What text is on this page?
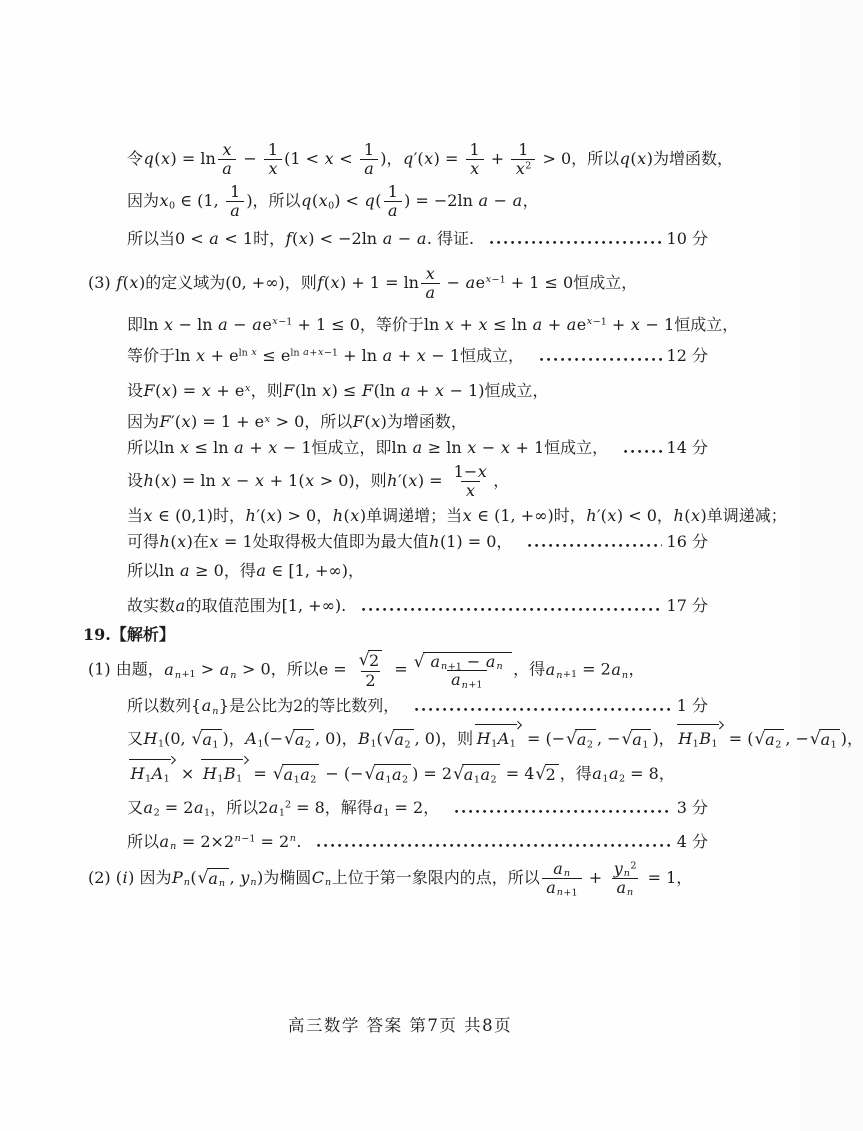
令$q(x) = \ln \frac{x}{a} - \frac{1}{x} (1 < x < \frac{1}{a}$ )，$q'(x) = \frac{1}{x} + \frac{1}{x^2} > 0$，所以q(x)为增函数，
因为$x_0$ ∈ (1, $\frac{1}{a}$ )，所以$q(x_0) < q( \frac{1}{a}$ ) = −2ln a − a，
所以当0 < a < 1时，f(x) < −2ln a − a. 得证.	10 分
(3) f(x)的定义域为(0, +∞)，则$f(x) + 1 = \ln \frac{x}{a} - ae^{x-1} + 1 \le 0$恒成立，
即$\ln x - \ln a - ae^{x-1} + 1 \le 0$，等价于$\ln x + x \le \ln a + ae^{x-1} + x - 1$恒成立，
等价于$\ln x + e^{ln x} \le e^{ln a+x-1} + \ln a + x - 1$恒成立，	12 分
设$F(x) = x + e^x$，则F(ln x) ≤ F(ln a + x − 1)恒成立，
因为$F'(x) = 1 + e^x > 0$，所以F(x)为增函数，
所以ln x ≤ ln a + x − 1恒成立，即ln a ≥ ln x − x + 1恒成立，	14 分
设h(x) = ln x − x + 1(x > 0)，则$h'(x) = \frac{1-x}{x}$ ，
当x ∈ (0,1)时，h′(x) > 0，h(x)单调递增；当x ∈ (1, +∞)时，h′(x) < 0，h(x)单调递减；
可得h(x)在x = 1处取得极大值即为最大值h(1) = 0，	16 分
所以ln a ≥ 0，得a ∈ [1, +∞)，
故实数a的取值范围为[1, +∞).	17 分
19.【解析】
(1) 由题，$a_{n+1} > a_n > 0$，所以$e = \frac{√ 2}{2}$ = √ $\frac{a_{n+1} - a_n}{a_{n+1}}$ ，得$a_{n+1} = 2a_n$，
所以数列$\{a_n\}$是公比为2的等比数列，	1 分
又$H_1(0$, √ $a_1$ )，$A_1(-$ √ $a_2$ , 0)，$B_1$( √ $a_2$ , 0)，则 $H_1A_1$ = (− √ $a_2$ , − √ $a_1$ )， $H_1B_1$ = ( √ $a_2$ , − √ $a_1$ )，
$H_1A_1 \times H_1B_1$ = √ $a_1a_2$ − (− √ $a_1a_2$ ) = 2 √ $a_1a_2 = 4$ √ 2 ，得$a_1a_2 = 8$，
又$a_2 = 2a_1$，所以$2a_1^2 = 8$，解得$a_1 = 2$，	3 分
所以$a_n = 2\times 2^{n-1} = 2^n$.	4 分
(2) (i) 因为$P_n$( √ $a_n$ , $y_n$)为椭圆$C_n$上位于第一象限内的点，所以 $\frac{a_n}{a_{n+1}} + \frac{y_n^2}{a_n} = 1$，
高三数学 答案 第7页 共8页
